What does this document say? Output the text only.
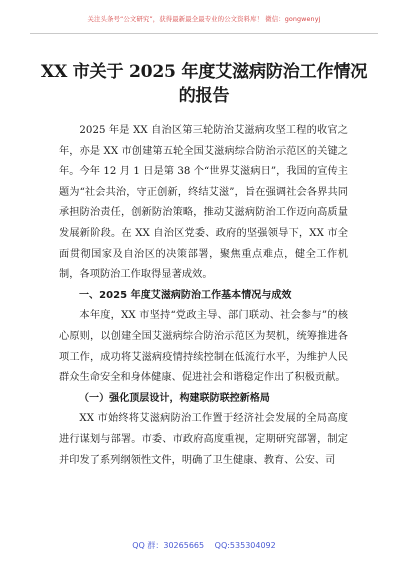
关注头条号“公文研究”，获得最新最全最专业的公文资料库！ 微信：gongwenyj
XX 市关于 2025 年度艾滋病防治工作情况
的报告

2025 年是 XX 自治区第三轮防治艾滋病攻坚工程的收官之年，亦是 XX 市创建第五轮全国艾滋病综合防治示范区的关键之年。今年 12 月 1 日是第 38 个“世界艾滋病日”，我国的宣传主题为“社会共治，守正创新，终结艾滋”，旨在强调社会各界共同承担防治责任，创新防治策略，推动艾滋病防治工作迈向高质量发展新阶段。在 XX 自治区党委、政府的坚强领导下，XX 市全面贯彻国家及自治区的决策部署，聚焦重点难点，健全工作机制，各项防治工作取得显著成效。

一、2025 年度艾滋病防治工作基本情况与成效

本年度，XX 市坚持“党政主导、部门联动、社会参与”的核心原则，以创建全国艾滋病综合防治示范区为契机，统筹推进各项工作，成功将艾滋病疫情持续控制在低流行水平，为维护人民群众生命安全和身体健康、促进社会和谐稳定作出了积极贡献。

（一）强化顶层设计，构建联防联控新格局

XX 市始终将艾滋病防治工作置于经济社会发展的全局高度进行谋划与部署。市委、市政府高度重视，定期研究部署，制定并印发了系列纲领性文件，明确了卫生健康、教育、公安、司

QQ 群：30265665 QQ:535304092
